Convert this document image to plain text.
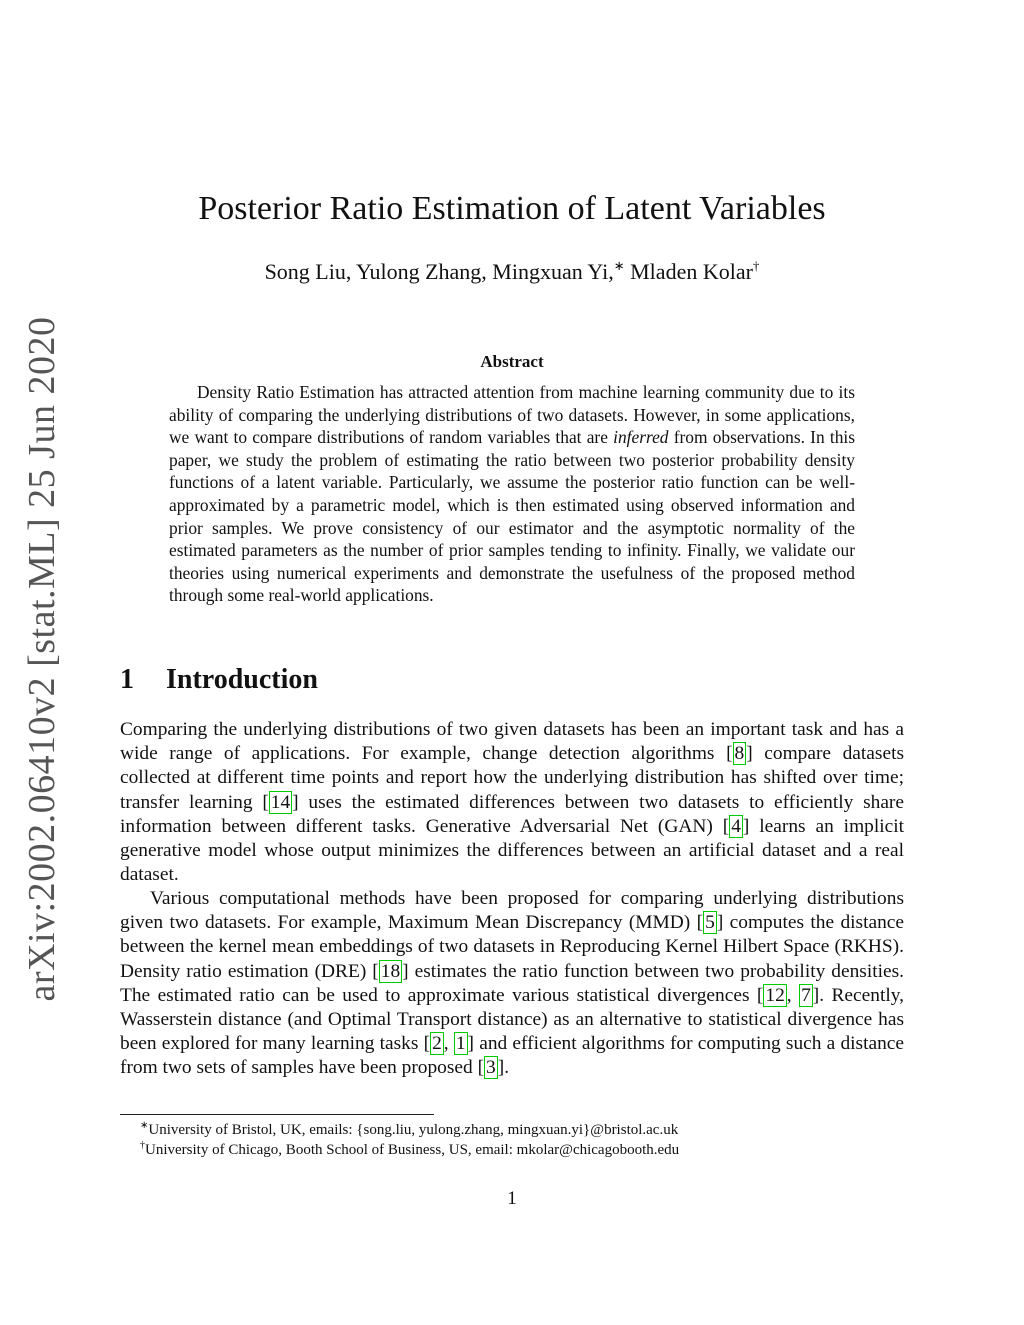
arXiv:2002.06410v2 [stat.ML] 25 Jun 2020
Posterior Ratio Estimation of Latent Variables
Song Liu, Yulong Zhang, Mingxuan Yi,∗ Mladen Kolar†
Abstract
Density Ratio Estimation has attracted attention from machine learning community due to its ability of comparing the underlying distributions of two datasets. However, in some applications, we want to compare distributions of random variables that are inferred from observations. In this paper, we study the problem of estimating the ratio between two posterior probability density functions of a latent variable. Particularly, we assume the posterior ratio function can be well-approximated by a parametric model, which is then estimated using observed information and prior samples. We prove consistency of our estimator and the asymptotic normality of the estimated parameters as the number of prior samples tending to infinity. Finally, we validate our theories using numerical experiments and demonstrate the usefulness of the proposed method through some real-world applications.
1 Introduction
Comparing the underlying distributions of two given datasets has been an important task and has a wide range of applications. For example, change detection algorithms [ 8 ] compare datasets collected at different time points and report how the underlying distribution has shifted over time; transfer learning [ 14 ] uses the estimated differences between two datasets to efficiently share information between different tasks. Generative Adversarial Net (GAN) [ 4 ] learns an implicit generative model whose output minimizes the differences between an artificial dataset and a real dataset.
Various computational methods have been proposed for comparing underlying distributions given two datasets. For example, Maximum Mean Discrepancy (MMD) [ 5 ] computes the distance between the kernel mean embeddings of two datasets in Reproducing Kernel Hilbert Space (RKHS). Density ratio estimation (DRE) [ 18 ] estimates the ratio function between two probability densities. The estimated ratio can be used to approximate various statistical divergences [ 12 , 7 ]. Recently, Wasserstein distance (and Optimal Transport distance) as an alternative to statistical divergence has been explored for many learning tasks [ 2 , 1 ] and efficient algorithms for computing such a distance from two sets of samples have been proposed [ 3 ].
∗University of Bristol, UK, emails: {song.liu, yulong.zhang, mingxuan.yi}@bristol.ac.uk
†University of Chicago, Booth School of Business, US, email: mkolar@chicagobooth.edu
1
